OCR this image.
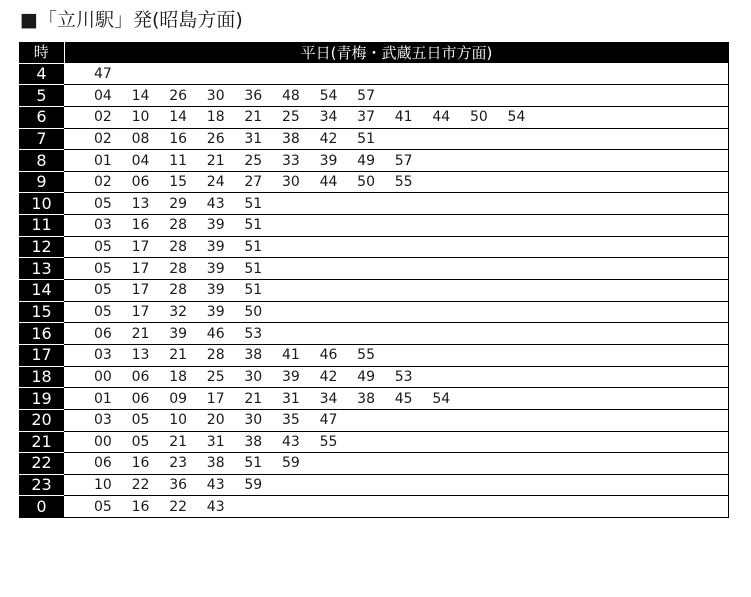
■「立川駅」発(昭島方面)
時	平日(青梅・武蔵五日市方面)
4	47
5	04 14 26 30 36 48 54 57
6	02 10 14 18 21 25 34 37 41 44 50 54
7	02 08 16 26 31 38 42 51
8	01 04 11 21 25 33 39 49 57
9	02 06 15 24 27 30 44 50 55
10	05 13 29 43 51
11	03 16 28 39 51
12	05 17 28 39 51
13	05 17 28 39 51
14	05 17 28 39 51
15	05 17 32 39 50
16	06 21 39 46 53
17	03 13 21 28 38 41 46 55
18	00 06 18 25 30 39 42 49 53
19	01 06 09 17 21 31 34 38 45 54
20	03 05 10 20 30 35 47
21	00 05 21 31 38 43 55
22	06 16 23 38 51 59
23	10 22 36 43 59
0	05 16 22 43
